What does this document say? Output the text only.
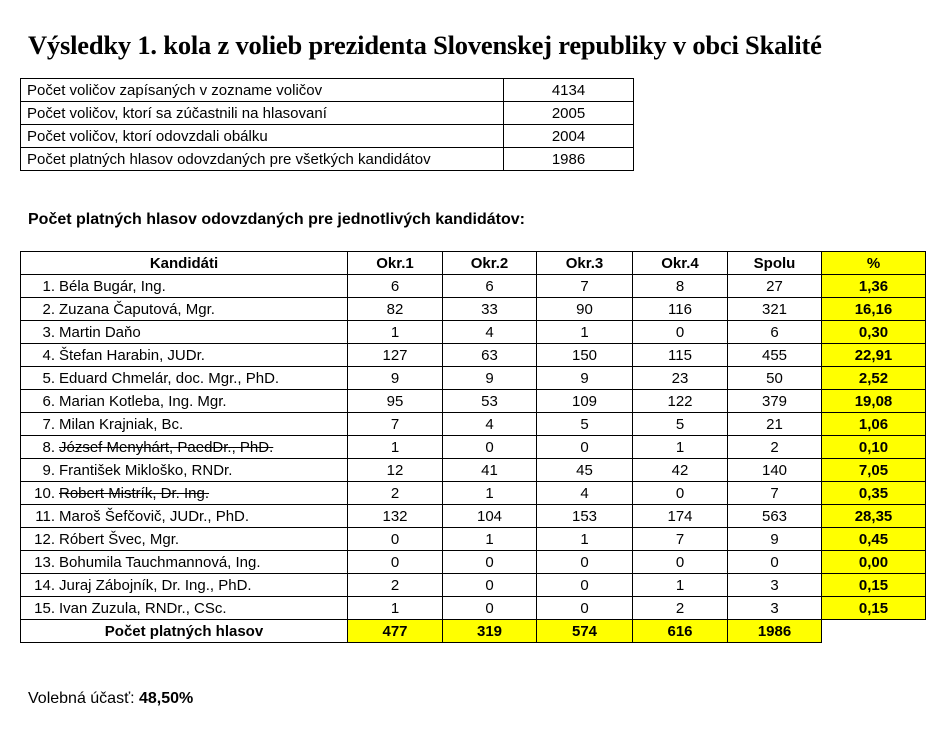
Výsledky 1. kola z volieb prezidenta Slovenskej republiky v obci Skalité
Počet voličov zapísaných v zozname voličov	4134
Počet voličov, ktorí sa zúčastnili na hlasovaní	2005
Počet voličov, ktorí odovzdali obálku	2004
Počet platných hlasov odovzdaných pre všetkých kandidátov	1986
Počet platných hlasov odovzdaných pre jednotlivých kandidátov:
Kandidáti	Okr.1	Okr.2	Okr.3	Okr.4	Spolu	%
1. Béla Bugár, Ing.	6	6	7	8	27	1,36
2. Zuzana Čaputová, Mgr.	82	33	90	116	321	16,16
3. Martin Daňo	1	4	1	0	6	0,30
4. Štefan Harabin, JUDr.	127	63	150	115	455	22,91
5. Eduard Chmelár, doc. Mgr., PhD.	9	9	9	23	50	2,52
6. Marian Kotleba, Ing. Mgr.	95	53	109	122	379	19,08
7. Milan Krajniak, Bc.	7	4	5	5	21	1,06
8. József Menyhárt, PaedDr., PhD.	1	0	0	1	2	0,10
9. František Mikloško, RNDr.	12	41	45	42	140	7,05
10. Robert Mistrík, Dr. Ing.	2	1	4	0	7	0,35
11. Maroš Šefčovič, JUDr., PhD.	132	104	153	174	563	28,35
12. Róbert Švec, Mgr.	0	1	1	7	9	0,45
13. Bohumila Tauchmannová, Ing.	0	0	0	0	0	0,00
14. Juraj Zábojník, Dr. Ing., PhD.	2	0	0	1	3	0,15
15. Ivan Zuzula, RNDr., CSc.	1	0	0	2	3	0,15
Počet platných hlasov	477	319	574	616	1986	
Volebná účasť: 48,50%
